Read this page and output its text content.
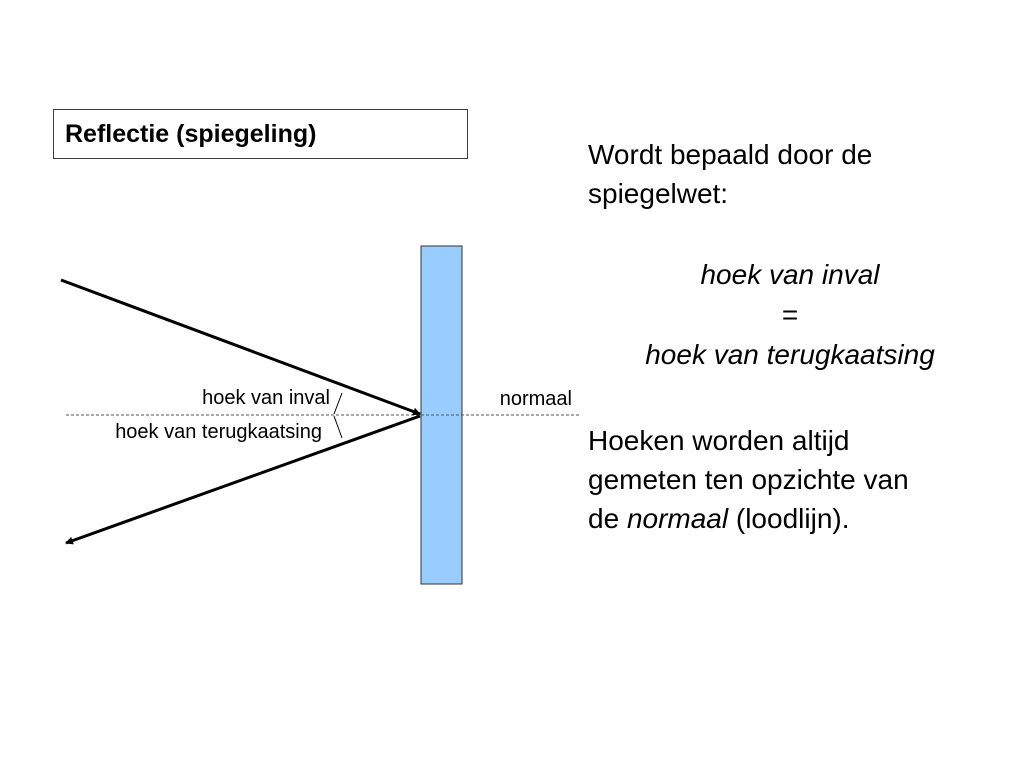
Reflectie (spiegeling)
hoek van inval
hoek van terugkaatsing
normaal
Wordt bepaald door de
spiegelwet:
hoek van inval
=
hoek van terugkaatsing
Hoeken worden altijd
gemeten ten opzichte van
de normaal (loodlijn).
